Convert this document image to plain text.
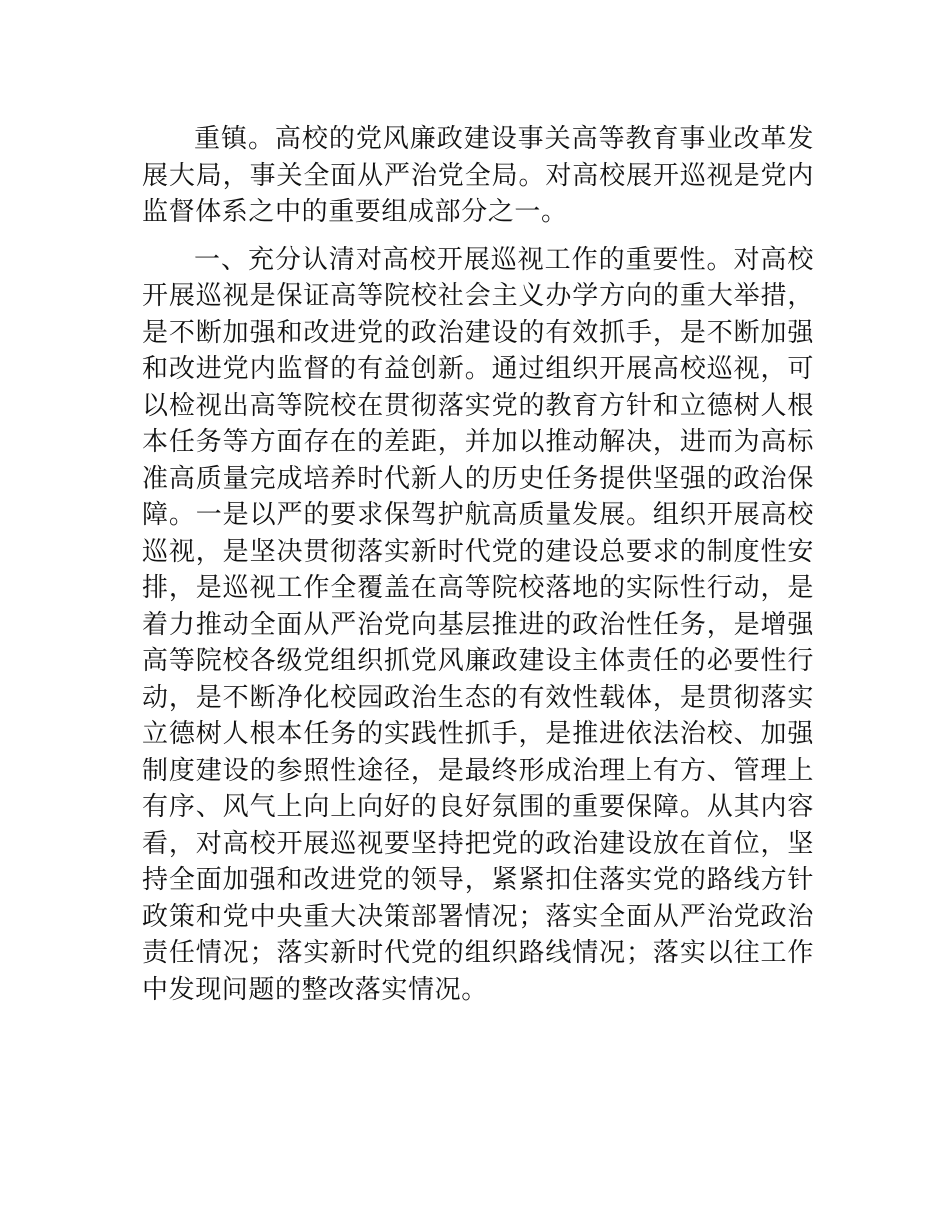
重镇。高校的党风廉政建设事关高等教育事业改革发展大局，事关全面从严治党全局。对高校展开巡视是党内监督体系之中的重要组成部分之一。

一、充分认清对高校开展巡视工作的重要性。对高校开展巡视是保证高等院校社会主义办学方向的重大举措，是不断加强和改进党的政治建设的有效抓手，是不断加强和改进党内监督的有益创新。通过组织开展高校巡视，可以检视出高等院校在贯彻落实党的教育方针和立德树人根本任务等方面存在的差距，并加以推动解决，进而为高标准高质量完成培养时代新人的历史任务提供坚强的政治保障。一是以严的要求保驾护航高质量发展。组织开展高校巡视，是坚决贯彻落实新时代党的建设总要求的制度性安排，是巡视工作全覆盖在高等院校落地的实际性行动，是着力推动全面从严治党向基层推进的政治性任务，是增强高等院校各级党组织抓党风廉政建设主体责任的必要性行动，是不断净化校园政治生态的有效性载体，是贯彻落实立德树人根本任务的实践性抓手，是推进依法治校、加强制度建设的参照性途径，是最终形成治理上有方、管理上有序、风气上向上向好的良好氛围的重要保障。从其内容看，对高校开展巡视要坚持把党的政治建设放在首位，坚持全面加强和改进党的领导，紧紧扣住落实党的路线方针政策和党中央重大决策部署情况；落实全面从严治党政治责任情况；落实新时代党的组织路线情况；落实以往工作中发现问题的整改落实情况。
